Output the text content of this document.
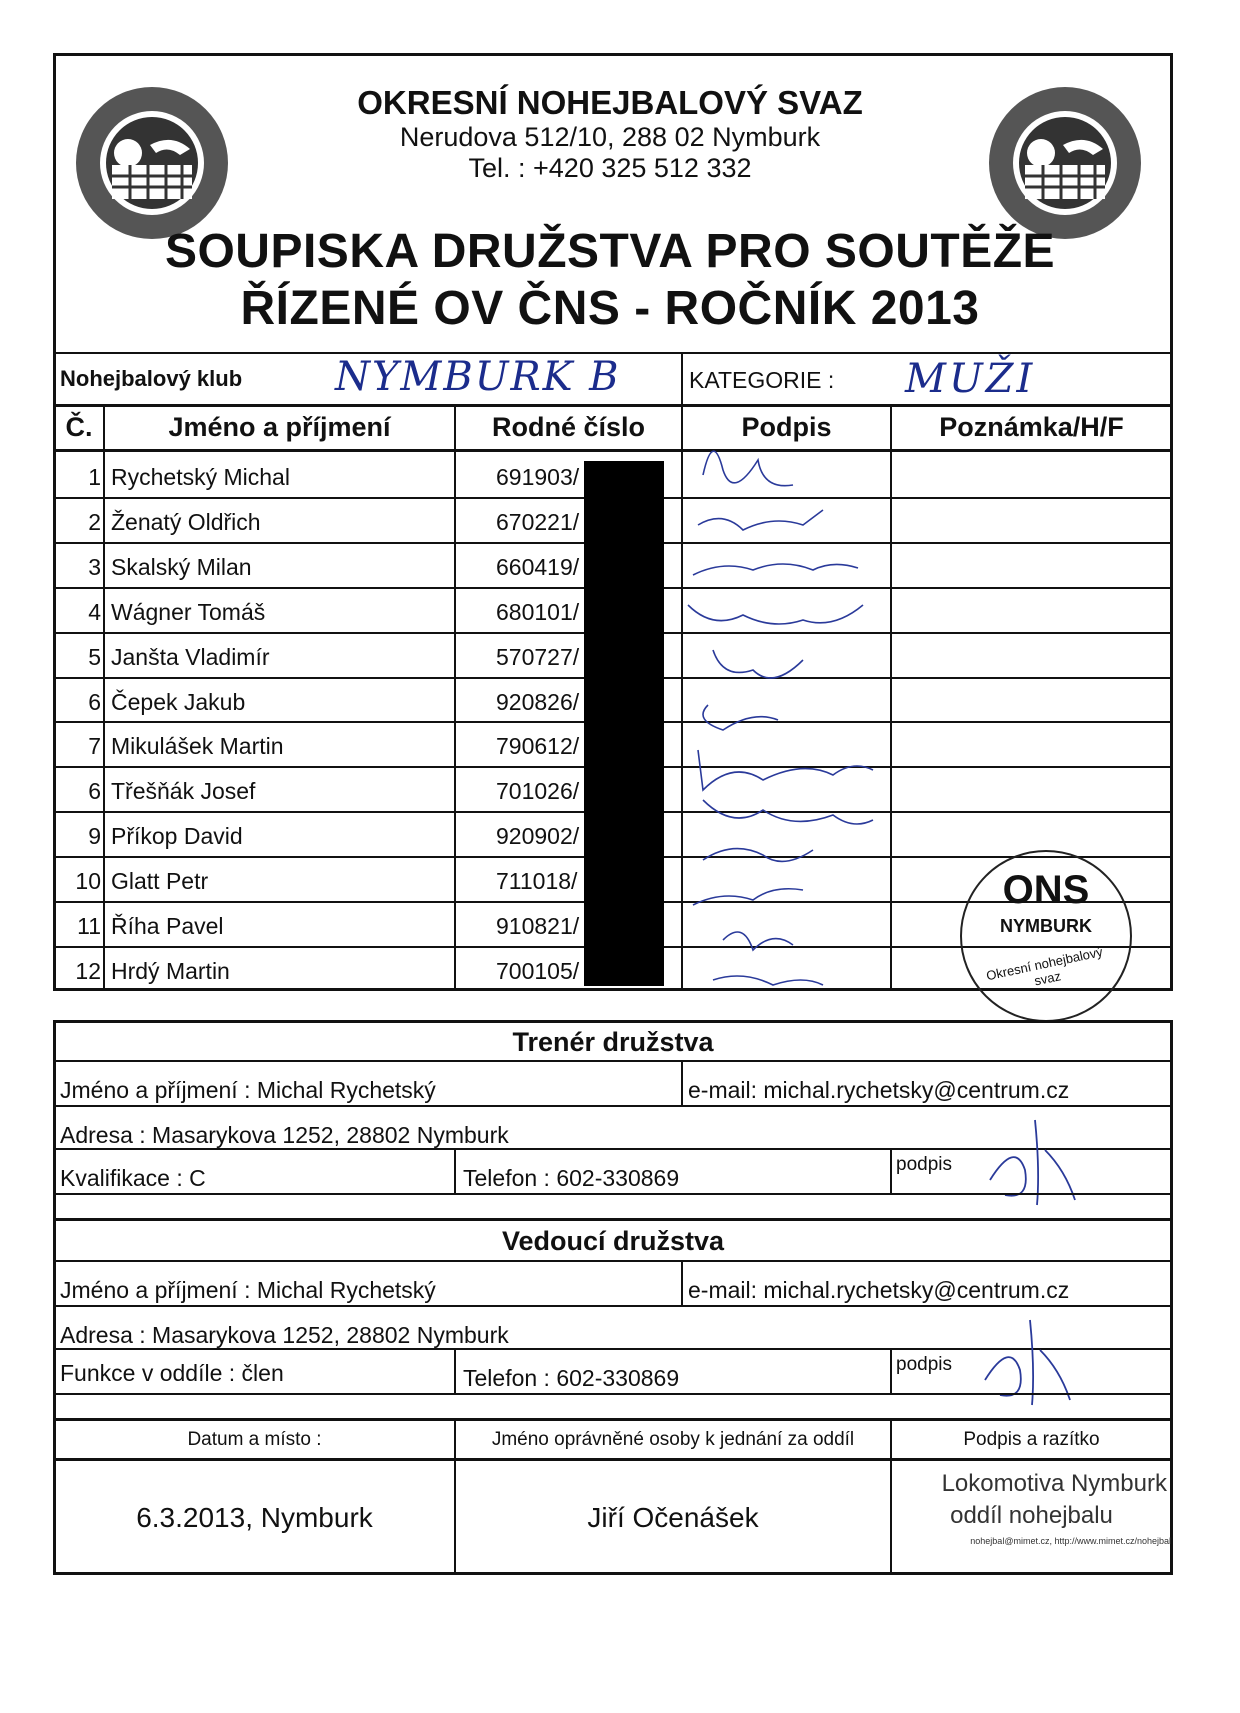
OKRESNÍ NOHEJBALOVÝ SVAZ
Nerudova 512/10, 288 02 Nymburk
Tel. : +420 325 512 332
SOUPISKA DRUŽSTVA PRO SOUTĚŽE
ŘÍZENÉ OV ČNS - ROČNÍK 2013
Nohejbalový klub NYMBURK B	KATEGORIE : MUŽI
Č.	Jméno a příjmení	Rodné číslo	Podpis	Poznámka/H/F
1 Rychetský Michal	691903/
2 Ženatý Oldřich	670221/
3 Skalský Milan	660419/
4 Wágner Tomáš	680101/
5 Janšta Vladimír	570727/
6 Čepek Jakub	920826/
7 Mikulášek Martin	790612/
6 Třešňák Josef	701026/
9 Příkop David	920902/
10 Glatt Petr	711018/
11 Říha Pavel	910821/
12 Hrdý Martin	700105/
ONS
NYMBURK
Okresní nohejbalový svaz
Trenér družstva
Jméno a příjmení : Michal Rychetský	e-mail: michal.rychetsky@centrum.cz
Adresa : Masarykova 1252, 28802 Nymburk
Kvalifikace : C	Telefon : 602-330869
podpis
Vedoucí družstva
Jméno a příjmení : Michal Rychetský	e-mail: michal.rychetsky@centrum.cz
Adresa : Masarykova 1252, 28802 Nymburk
Funkce v oddíle : člen	Telefon : 602-330869
podpis
Datum a místo :	Jméno oprávněné osoby k jednání za oddíl	Podpis a razítko
6.3.2013, Nymburk	Jiří Očenášek
Lokomotiva Nymburk
oddíl nohejbalu
nohejbal@mimet.cz, http://www.mimet.cz/nohejbal
